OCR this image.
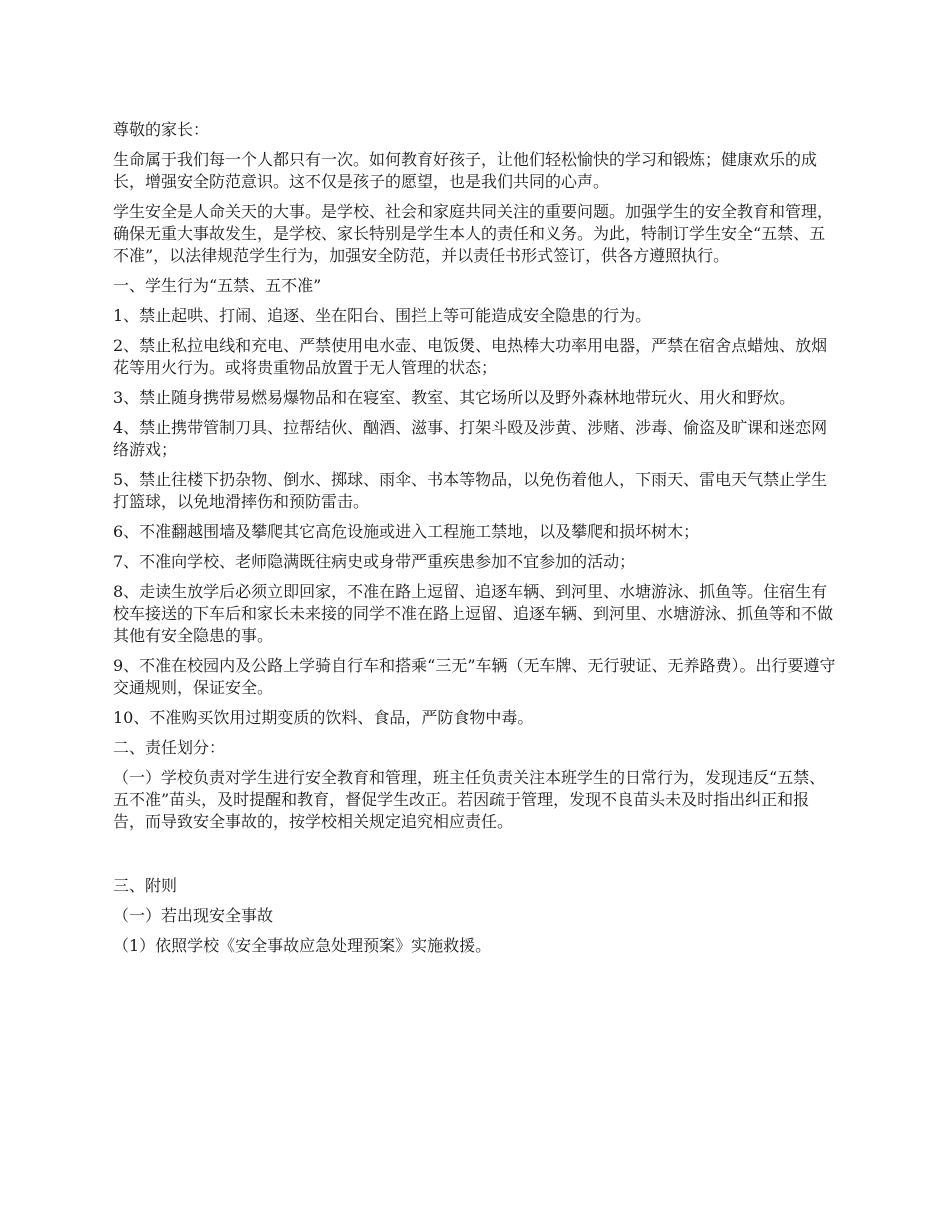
尊敬的家长：

生命属于我们每一个人都只有一次。如何教育好孩子，让他们轻松愉快的学习和锻炼；健康欢乐的成长，增强安全防范意识。这不仅是孩子的愿望，也是我们共同的心声。

学生安全是人命关天的大事。是学校、社会和家庭共同关注的重要问题。加强学生的安全教育和管理，确保无重大事故发生，是学校、家长特别是学生本人的责任和义务。为此，特制订学生安全“五禁、五不准”，以法律规范学生行为，加强安全防范，并以责任书形式签订，供各方遵照执行。

一、学生行为“五禁、五不准”

1、禁止起哄、打闹、追逐、坐在阳台、围拦上等可能造成安全隐患的行为。

2、禁止私拉电线和充电、严禁使用电水壶、电饭煲、电热棒大功率用电器，严禁在宿舍点蜡烛、放烟花等用火行为。或将贵重物品放置于无人管理的状态；

3、禁止随身携带易燃易爆物品和在寝室、教室、其它场所以及野外森林地带玩火、用火和野炊。

4、禁止携带管制刀具、拉帮结伙、酗酒、滋事、打架斗殴及涉黄、涉赌、涉毒、偷盗及旷课和迷恋网络游戏；

5、禁止往楼下扔杂物、倒水、掷球、雨伞、书本等物品，以免伤着他人，下雨天、雷电天气禁止学生打篮球，以免地滑摔伤和预防雷击。

6、不准翻越围墙及攀爬其它高危设施或进入工程施工禁地，以及攀爬和损坏树木；

7、不准向学校、老师隐满既往病史或身带严重疾患参加不宜参加的活动；

8、走读生放学后必须立即回家，不准在路上逗留、追逐车辆、到河里、水塘游泳、抓鱼等。住宿生有校车接送的下车后和家长未来接的同学不准在路上逗留、追逐车辆、到河里、水塘游泳、抓鱼等和不做其他有安全隐患的事。

9、不准在校园内及公路上学骑自行车和搭乘“三无”车辆（无车牌、无行驶证、无养路费）。出行要遵守交通规则，保证安全。

10、不准购买饮用过期变质的饮料、食品，严防食物中毒。

二、责任划分：

（一）学校负责对学生进行安全教育和管理，班主任负责关注本班学生的日常行为，发现违反“五禁、五不准”苗头，及时提醒和教育，督促学生改正。若因疏于管理，发现不良苗头未及时指出纠正和报告，而导致安全事故的，按学校相关规定追究相应责任。

三、附则

（一）若出现安全事故

（1）依照学校《安全事故应急处理预案》实施救援。
